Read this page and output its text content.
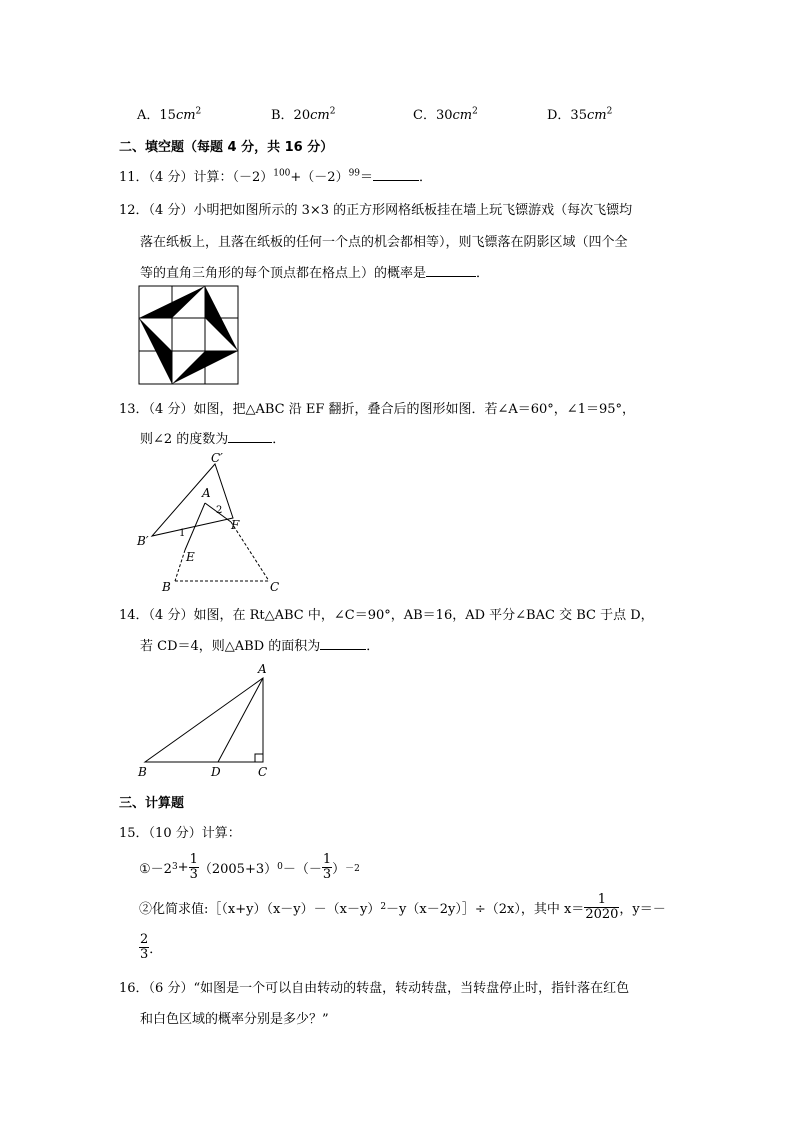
A．$15cm^2$	B．$20cm^2$	C．$30cm^2$	D．$35cm^2$
二、填空题（每题 4 分，共 16 分）
11．（4 分）计算：$(-2)^{100}+(-2)^{99}=$	．
12．（4 分）小明把如图所示的 3×3 的正方形网格纸板挂在墙上玩飞镖游戏（每次飞镖均
落在纸板上，且落在纸板的任何一个点的机会都相等），则飞镖落在阴影区域（四个全
等的直角三角形的每个顶点都在格点上）的概率是	．
13．（4 分）如图，把△ABC 沿 EF 翻折，叠合后的图形如图．若∠A＝60°，∠1＝95°，
则∠2 的度数为	．
C′
A
2
F
B′
1
E
B	C
14．（4 分）如图，在 Rt△ABC 中，∠C＝90°，AB＝16，AD 平分∠BAC 交 BC 于点 D，
若 CD＝4，则△ABD 的面积为	．
A
B	D	C
三、计算题
15．（10 分）计算：
①－2 $3 + \frac{1}{3} (2005+3)$ 0 －（－ $\frac{1}{3}$ ） －2
②化简求值:［（x+y）（x－y）－（x－y） 2 －y（x－2y）］÷（2x），其中 $x= \frac{1}{2020}$ ，y＝－
$\frac{2}{3}$ ．
16．（6 分）“如图是一个可以自由转动的转盘，转动转盘，当转盘停止时，指针落在红色
和白色区域的概率分别是多少？”
